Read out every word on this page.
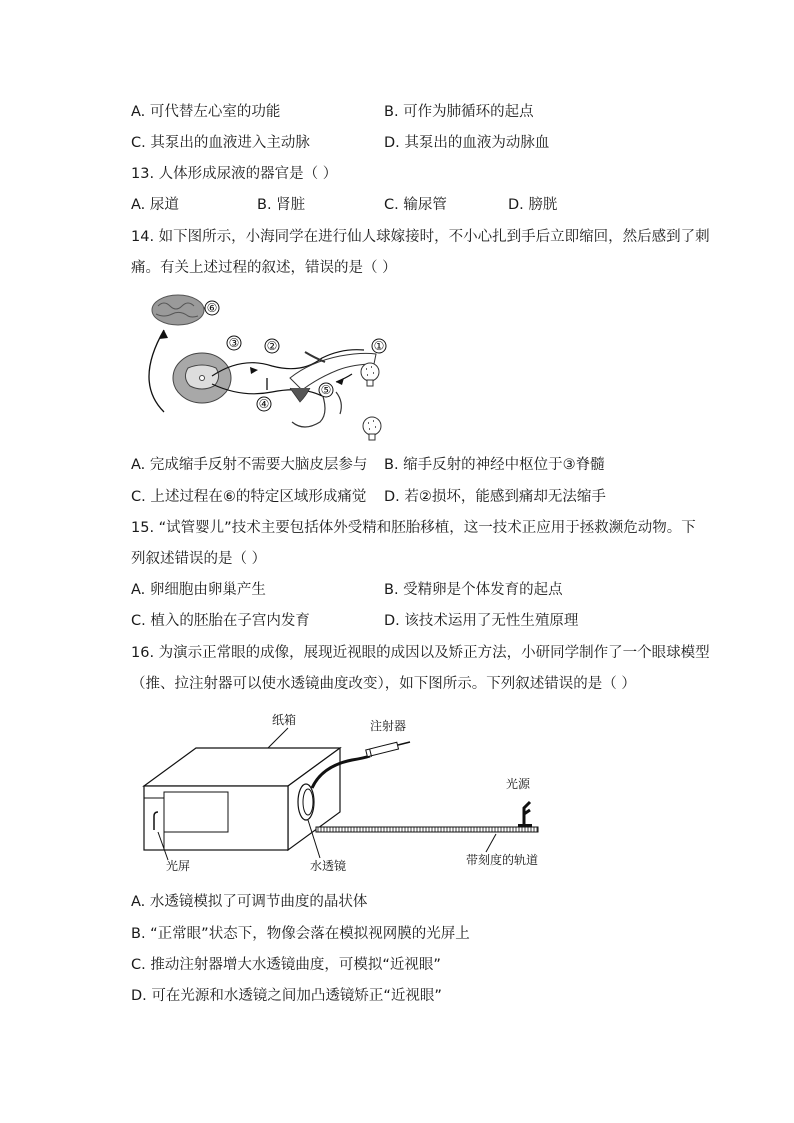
A. 可代替左心室的功能	B. 可作为肺循环的起点
C. 其泵出的血液进入主动脉	D. 其泵出的血液为动脉血
13. 人体形成尿液的器官是（ ）
A. 尿道	B. 肾脏	C. 输尿管	D. 膀胱
14. 如下图所示，小海同学在进行仙人球嫁接时，不小心扎到手后立即缩回，然后感到了刺
痛。有关上述过程的叙述，错误的是（ ）
⑥
③ ②	①
⑤
④
A. 完成缩手反射不需要大脑皮层参与 B. 缩手反射的神经中枢位于③脊髓
C. 上述过程在⑥的特定区域形成痛觉 D. 若②损坏，能感到痛却无法缩手
15. “试管婴儿”技术主要包括体外受精和胚胎移植，这一技术正应用于拯救濒危动物。下
列叙述错误的是（ ）
A. 卵细胞由卵巢产生	B. 受精卵是个体发育的起点
C. 植入的胚胎在子宫内发育	D. 该技术运用了无性生殖原理
16. 为演示正常眼的成像，展现近视眼的成因以及矫正方法，小研同学制作了一个眼球模型
（推、拉注射器可以使水透镜曲度改变），如下图所示。下列叙述错误的是（ ）
纸箱
光屏	水透镜
注射器
带刻度的轨道
光源
A. 水透镜模拟了可调节曲度的晶状体
B. “正常眼”状态下，物像会落在模拟视网膜的光屏上
C. 推动注射器增大水透镜曲度，可模拟“近视眼”
D. 可在光源和水透镜之间加凸透镜矫正“近视眼”
